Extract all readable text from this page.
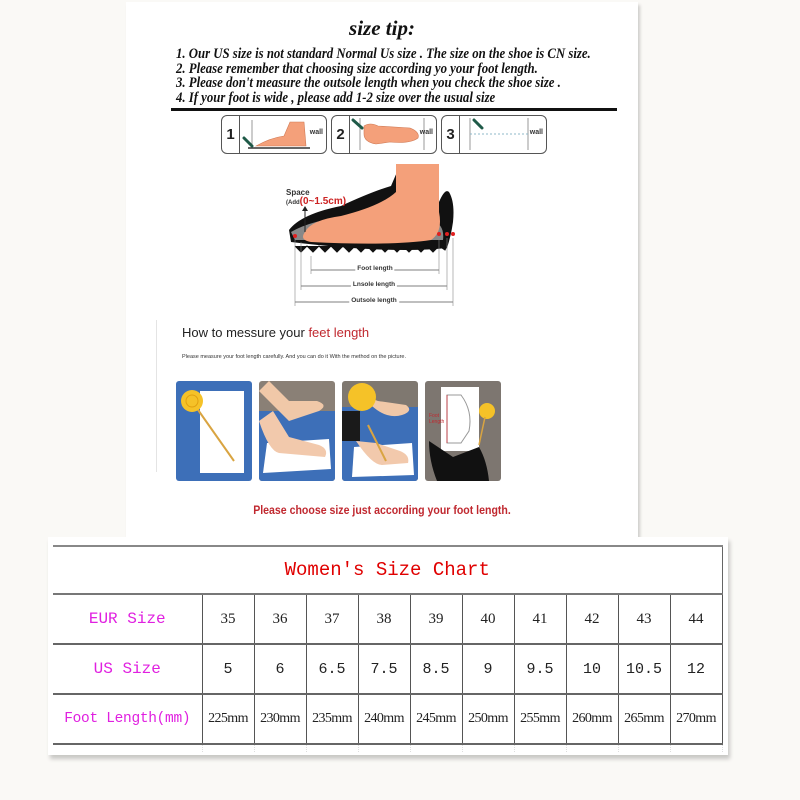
size tip:
1. Our US size is not standard Normal Us size . The size on the shoe is CN size.
2. Please remember that choosing size according yo your foot length.
3. Please don't measure the outsole length when you check the shoe size .
4. If your foot is wide , please add 1-2 size over the usual size
1	wall 2	wall 3	wall
Space
(Add(0~1.5cm)
Foot length
Lnsole length
Outsole length
How to messure your feet length
Please measure your foot length carefully. And you can do it With the method on the picture.
Foot Length
Please choose size just according your foot length.
Women's Size Chart										
EUR Size	35	36	37	38	39	40	41	42	43	44
US Size	5	6	6.5	7.5	8.5	9	9.5	10	10.5	12
Foot Length(mm)	225mm	230mm	235mm	240mm	245mm	250mm	255mm	260mm	265mm	270mm
